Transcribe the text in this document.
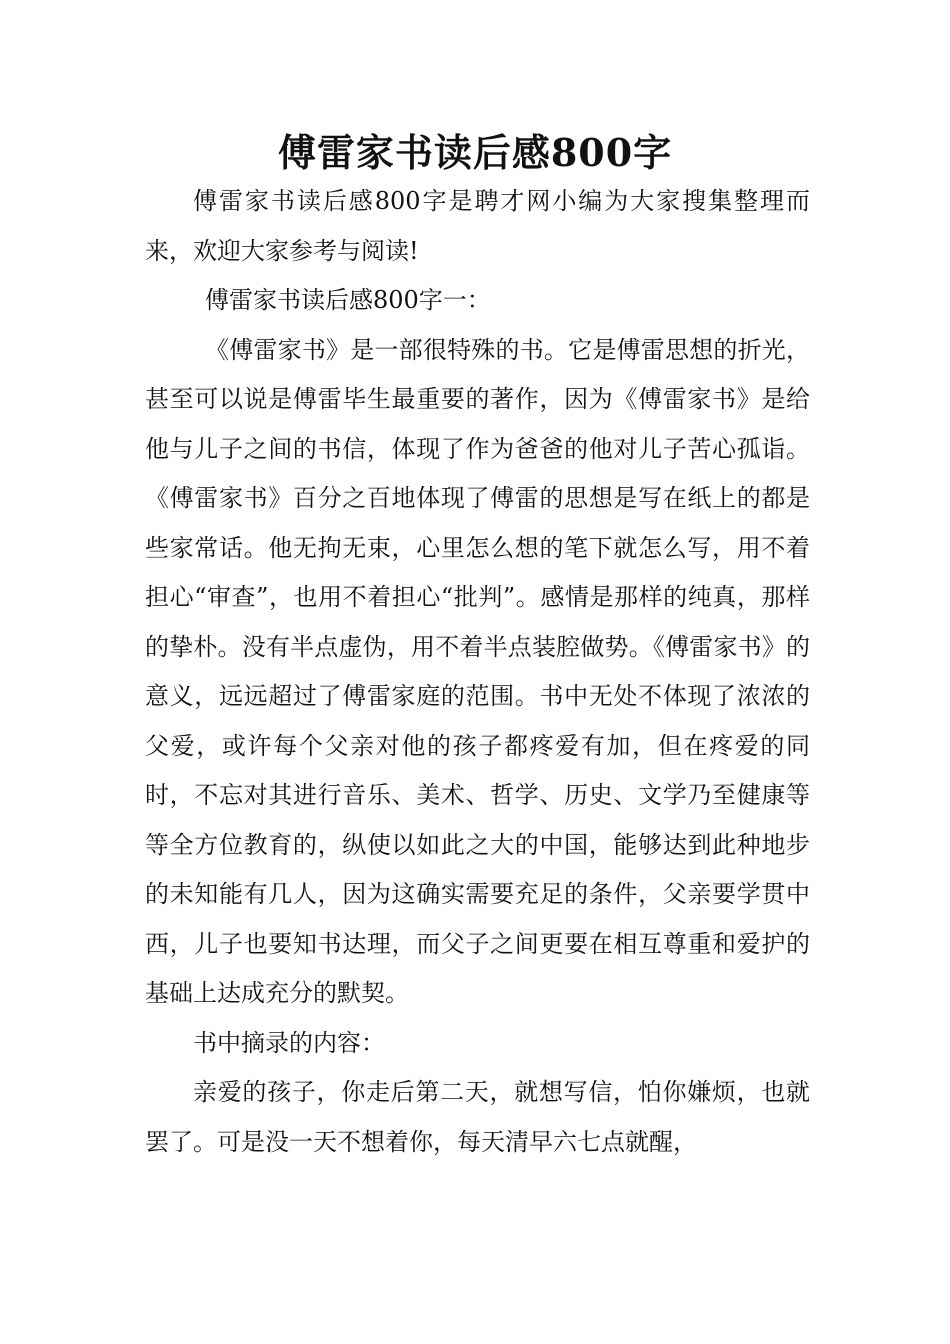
傅雷家书读后感800字

傅雷家书读后感800字是聘才网小编为大家搜集整理而来，欢迎大家参考与阅读!

傅雷家书读后感800字一：

《傅雷家书》是一部很特殊的书。它是傅雷思想的折光，甚至可以说是傅雷毕生最重要的著作，因为《傅雷家书》是给他与儿子之间的书信，体现了作为爸爸的他对儿子苦心孤诣。《傅雷家书》百分之百地体现了傅雷的思想是写在纸上的都是些家常话。他无拘无束，心里怎么想的笔下就怎么写，用不着担心“审查”，也用不着担心“批判”。感情是那样的纯真，那样的挚朴。没有半点虚伪，用不着半点装腔做势。《傅雷家书》的意义，远远超过了傅雷家庭的范围。书中无处不体现了浓浓的父爱，或许每个父亲对他的孩子都疼爱有加，但在疼爱的同时，不忘对其进行音乐、美术、哲学、历史、文学乃至健康等等全方位教育的，纵使以如此之大的中国，能够达到此种地步的未知能有几人，因为这确实需要充足的条件，父亲要学贯中西，儿子也要知书达理，而父子之间更要在相互尊重和爱护的基础上达成充分的默契。

书中摘录的内容：

亲爱的孩子，你走后第二天，就想写信，怕你嫌烦，也就罢了。可是没一天不想着你，每天清早六七点就醒，
